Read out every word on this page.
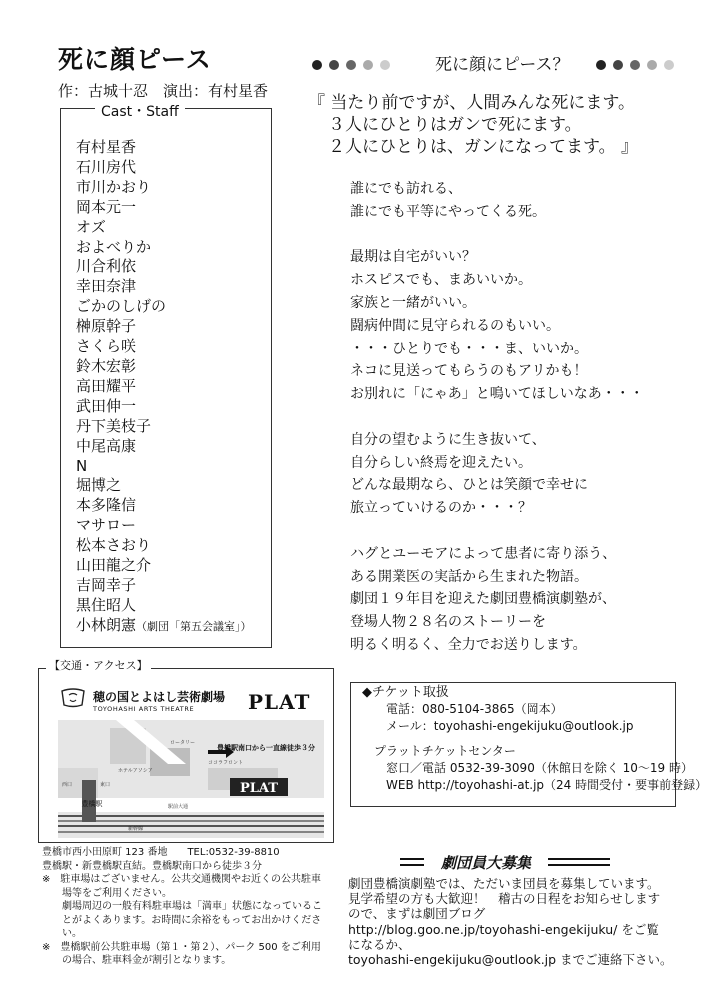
死に顔ピース
作：古城十忍　演出：有村星香
Cast・Staff
有村星香
石川房代
市川かおり
岡本元一
オズ
およべりか
川合利依
幸田奈津
ごかのしげの
榊原幹子
さくら咲
鈴木宏彰
高田耀平
武田伸一
丹下美枝子
中尾高康
N
堀博之
本多隆信
マサロー
松本さおり
山田龍之介
吉岡幸子
黒住昭人
小林朗憲（劇団「第五会議室」）
死に顔にピース？
『 当たり前ですが、人間みんな死にます。
３人にひとりはガンで死にます。
２人にひとりは、ガンになってます。 』
誰にでも訪れる、
誰にでも平等にやってくる死。
最期は自宅がいい？
ホスピスでも、まあいいか。
家族と一緒がいい。
闘病仲間に見守られるのもいい。
・・・ひとりでも・・・ま、いいか。
ネコに見送ってもらうのもアリかも！
お別れに「にゃあ」と鳴いてほしいなあ・・・
自分の望むように生き抜いて、
自分らしい終焉を迎えたい。
どんな最期なら、ひとは笑顔で幸せに
旅立っていけるのか・・・？
ハグとユーモアによって患者に寄り添う、
ある開業医の実話から生まれた物語。
劇団１９年目を迎えた劇団豊橋演劇塾が、
登場人物２８名のストーリーを
明るく明るく、全力でお送りします。
【交通・アクセス】
穂の国とよはし芸術劇場
TOYOHASHI ARTS THEATRE	PLAT
PLAT
豊橋駅南口から一直線徒歩３分
豊橋駅
ホテルアソシア
ロータリー
ココラフロント
東口
西口
新幹線
駅前大通
豊橋市西小田原町 123 番地　　TEL:0532-39-8810
豊橋駅・新豊橋駅直結。豊橋駅南口から徒歩３分
※　駐車場はございません。公共交通機関やお近くの公共駐車
　　場等をご利用ください。
　　劇場周辺の一般有料駐車場は「満車」状態になっているこ
　　とがよくあります。お時間に余裕をもってお出かけくださ
　　い。
※　豊橋駅前公共駐車場（第１・第２）、パーク 500 をご利用
　　の場合、駐車料金が割引となります。
◆チケット取扱
　　電話：080-5104-3865（岡本）
　　メール：toyohashi-engekijuku@outlook.jp
　プラットチケットセンター
　　窓口／電話 0532-39-3090（休館日を除く 10〜19 時）
　　WEB http://toyohashi-at.jp（24 時間受付・要事前登録）
劇団員大募集
劇団豊橋演劇塾では、ただいま団員を募集しています。
見学希望の方も大歓迎！　稽古の日程をお知らせします
ので、まずは劇団ブログ
http://blog.goo.ne.jp/toyohashi-engekijuku/ をご覧
になるか、
toyohashi-engekijuku@outlook.jp までご連絡下さい。
